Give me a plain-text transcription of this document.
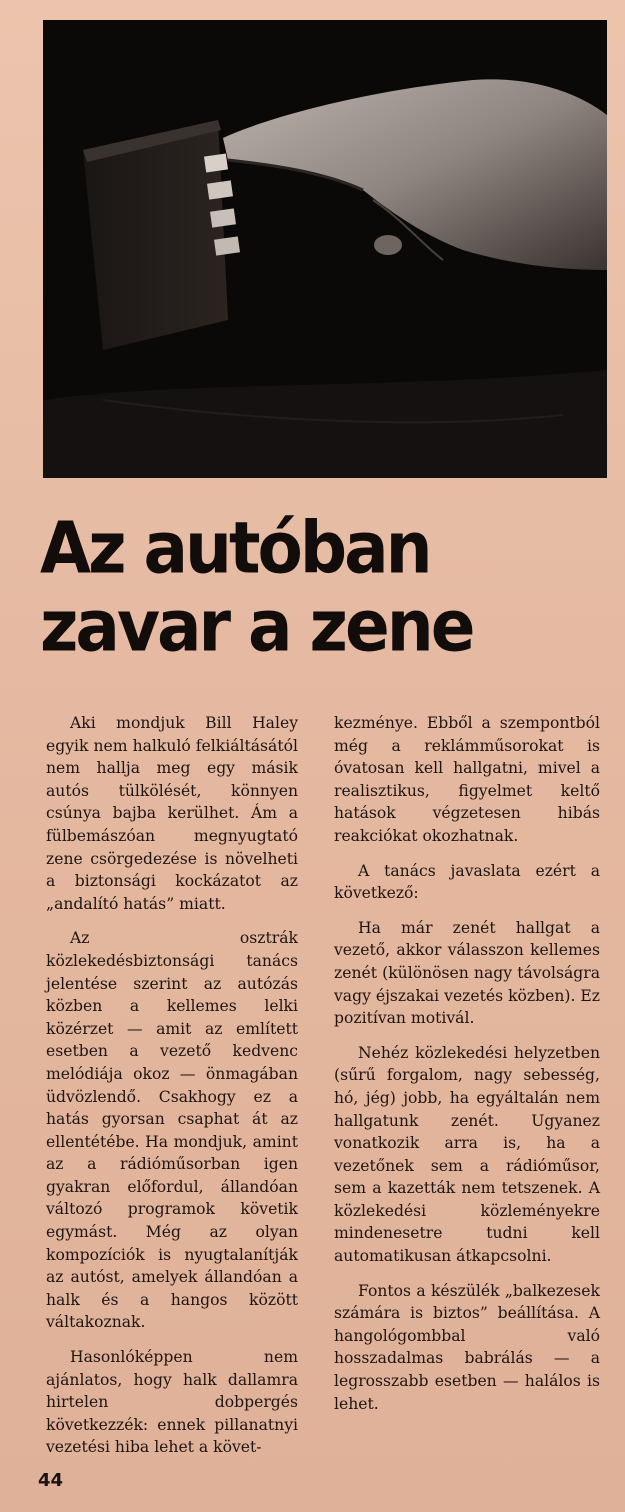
Az autóban
zavar a zene

Aki mondjuk Bill Haley egyik nem halkuló felkiáltásától nem hallja meg egy másik autós tülkölését, könnyen csúnya bajba kerülhet. Ám a fülbemászóan megnyugtató zene csörgedezése is növelheti a biztonsági kockázatot az „andalító hatás” miatt.

Az osztrák közlekedésbiztonsági tanács jelentése szerint az autózás közben a kellemes lelki közérzet — amit az említett esetben a vezető kedvenc melódiája okoz — önmagában üdvözlendő. Csakhogy ez a hatás gyorsan csaphat át az ellentétébe. Ha mondjuk, amint az a rádióműsorban igen gyakran előfordul, állandóan változó programok követik egymást. Még az olyan kompozíciók is nyugtalanítják az autóst, amelyek állandóan a halk és a hangos között váltakoznak.

Hasonlóképpen nem ajánlatos, hogy halk dallamra hirtelen dobpergés következzék: ennek pillanatnyi vezetési hiba lehet a követ-

kezménye. Ebből a szempontból még a reklámműsorokat is óvatosan kell hallgatni, mivel a realisztikus, figyelmet keltő hatások végzetesen hibás reakciókat okozhatnak.

A tanács javaslata ezért a következő:

Ha már zenét hallgat a vezető, akkor válasszon kellemes zenét (különösen nagy távolságra vagy éjszakai vezetés közben). Ez pozitívan motivál.

Nehéz közlekedési helyzetben (sűrű forgalom, nagy sebesség, hó, jég) jobb, ha egyáltalán nem hallgatunk zenét. Ugyanez vonatkozik arra is, ha a vezetőnek sem a rádióműsor, sem a kazetták nem tetszenek. A közlekedési közleményekre mindenesetre tudni kell automatikusan átkapcsolni.

Fontos a készülék „balkezesek számára is biztos” beállítása. A hangológombbal való hosszadalmas babrálás — a legrosszabb esetben — halálos is lehet.

44
